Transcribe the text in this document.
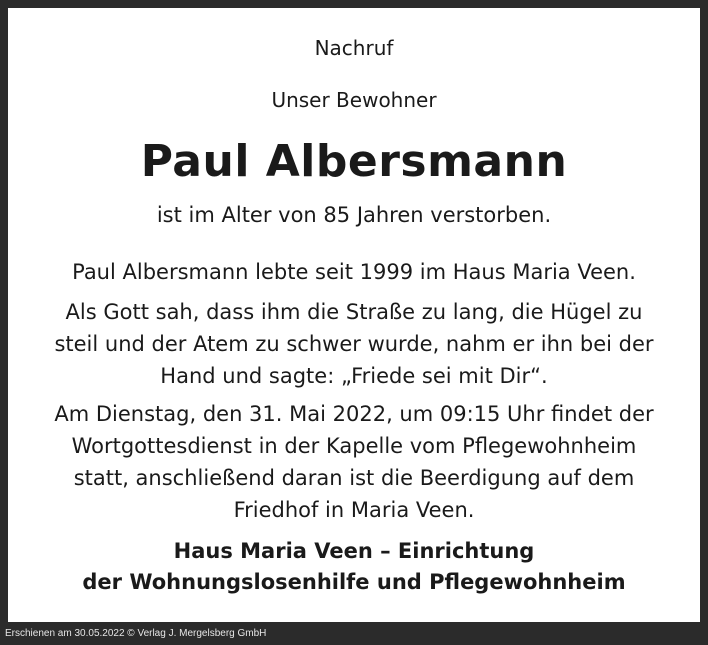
Nachruf
Unser Bewohner
Paul Albersmann
ist im Alter von 85 Jahren verstorben.
Paul Albersmann lebte seit 1999 im Haus Maria Veen.
Als Gott sah, dass ihm die Straße zu lang, die Hügel zu
steil und der Atem zu schwer wurde, nahm er ihn bei der
Hand und sagte: „Friede sei mit Dir“.
Am Dienstag, den 31. Mai 2022, um 09:15 Uhr findet der
Wortgottesdienst in der Kapelle vom Pflegewohnheim
statt, anschließend daran ist die Beerdigung auf dem
Friedhof in Maria Veen.
Haus Maria Veen – Einrichtung
der Wohnungslosenhilfe und Pflegewohnheim
Erschienen am 30.05.2022 © Verlag J. Mergelsberg GmbH
